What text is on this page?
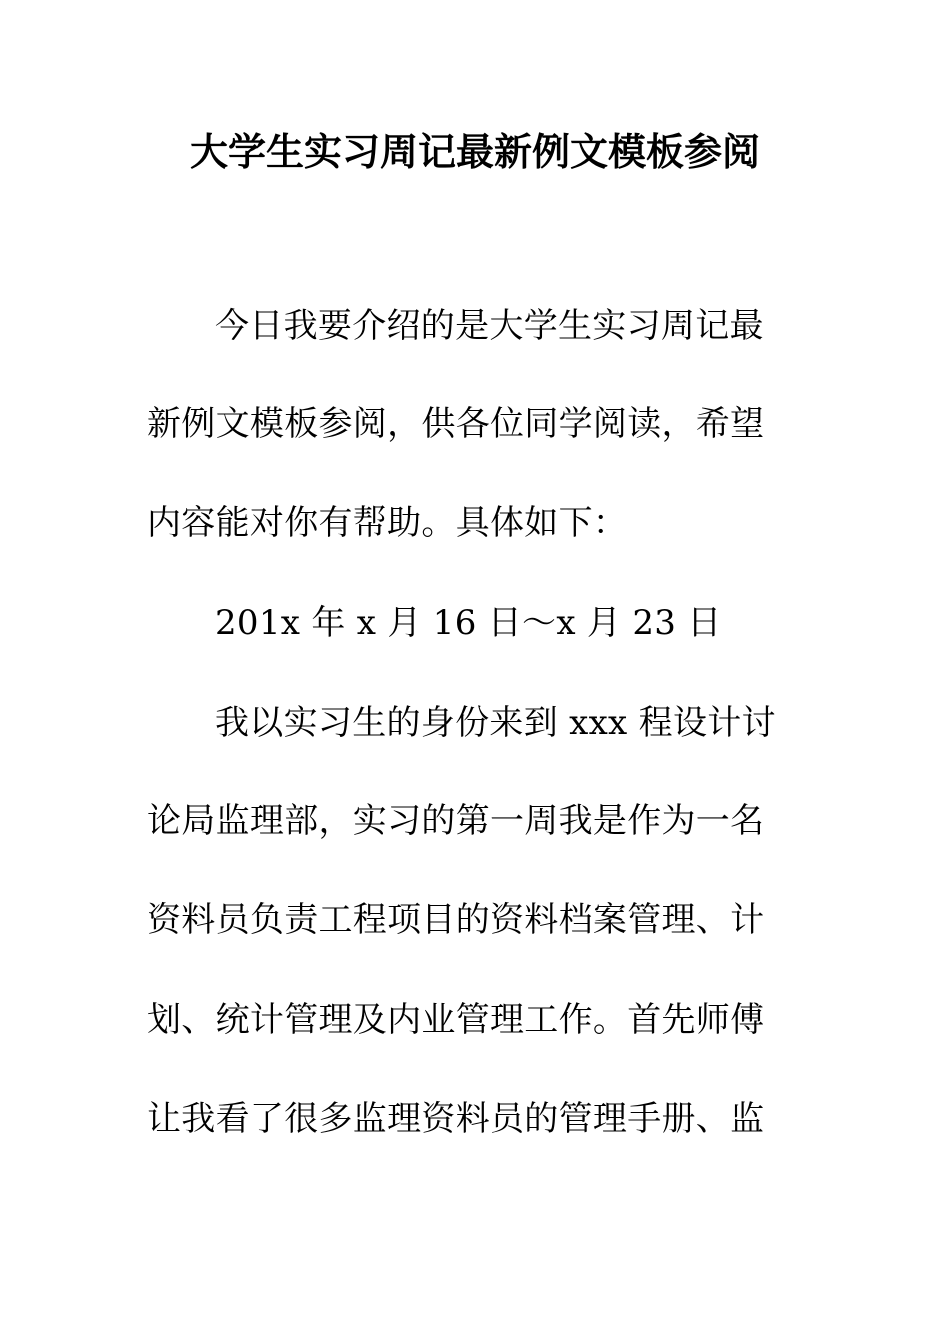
大学生实习周记最新例文模板参阅
今日我要介绍的是大学生实习周记最
新例文模板参阅，供各位同学阅读，希望
内容能对你有帮助。具体如下：
201x 年 x 月 16 日～x 月 23 日
我以实习生的身份来到 xxx 程设计讨
论局监理部，实习的第一周我是作为一名
资料员负责工程项目的资料档案管理、计
划、统计管理及内业管理工作。首先师傅
让我看了很多监理资料员的管理手册、监
